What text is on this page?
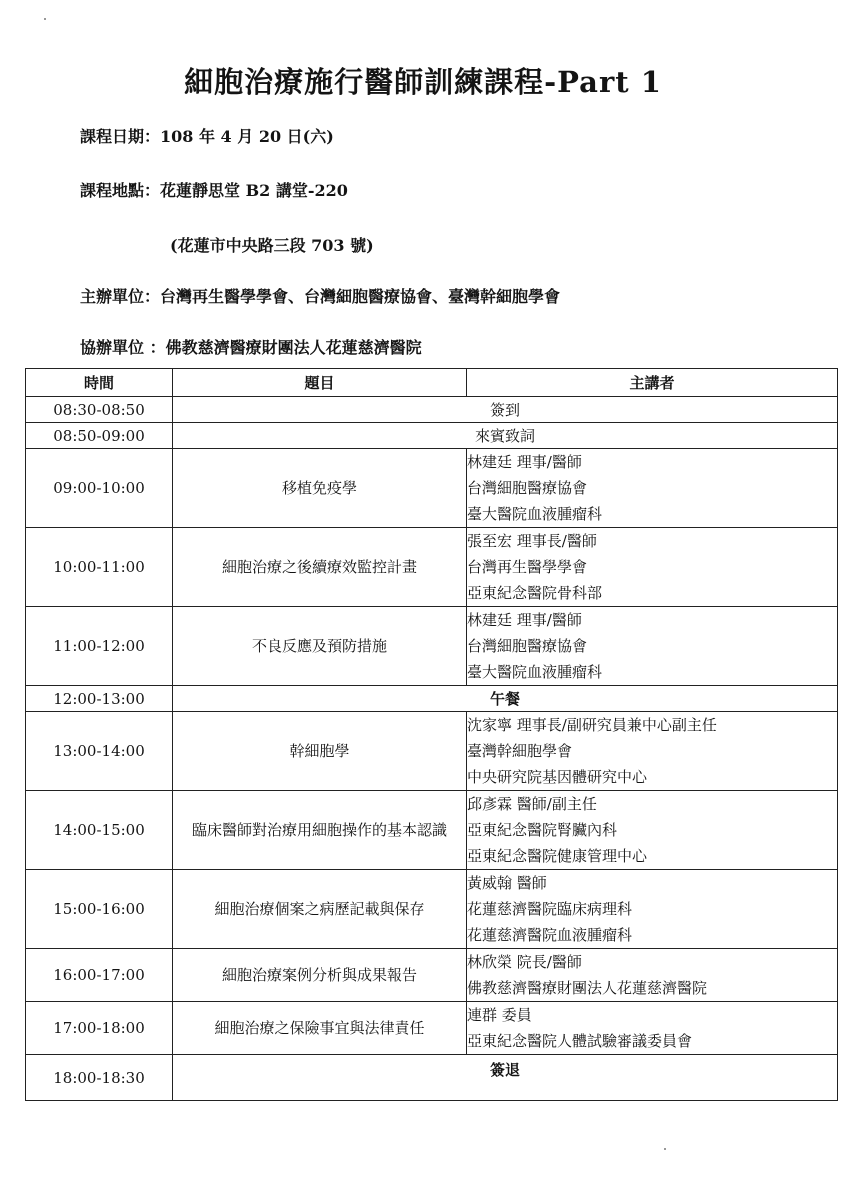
細胞治療施行醫師訓練課程-Part 1
課程日期：108 年 4 月 20 日(六)
課程地點：花蓮靜思堂 B2 講堂-220
(花蓮市中央路三段 703 號)
主辦單位：台灣再生醫學學會、台灣細胞醫療協會、臺灣幹細胞學會
協辦單位 ：佛教慈濟醫療財團法人花蓮慈濟醫院
時間	題目	主講者
08:30-08:50	簽到	
08:50-09:00	來賓致詞	
09:00-10:00	移植免疫學	林建廷 理事/醫師
台灣細胞醫療協會
臺大醫院血液腫瘤科

10:00-11:00	細胞治療之後續療效監控計畫	張至宏 理事長/醫師
台灣再生醫學學會
亞東紀念醫院骨科部

11:00-12:00	不良反應及預防措施	林建廷 理事/醫師
台灣細胞醫療協會
臺大醫院血液腫瘤科

12:00-13:00	午餐	
13:00-14:00	幹細胞學	沈家寧 理事長/副研究員兼中心副主任
臺灣幹細胞學會
中央研究院基因體研究中心

14:00-15:00	臨床醫師對治療用細胞操作的基本認識	邱彥霖 醫師/副主任
亞東紀念醫院腎臟內科
亞東紀念醫院健康管理中心

15:00-16:00	細胞治療個案之病歷記載與保存	黃威翰 醫師
花蓮慈濟醫院臨床病理科
花蓮慈濟醫院血液腫瘤科

16:00-17:00	細胞治療案例分析與成果報告	林欣榮 院長/醫師
佛教慈濟醫療財團法人花蓮慈濟醫院

17:00-18:00	細胞治療之保險事宜與法律責任	連群 委員
亞東紀念醫院人體試驗審議委員會

18:00-18:30	簽退	
